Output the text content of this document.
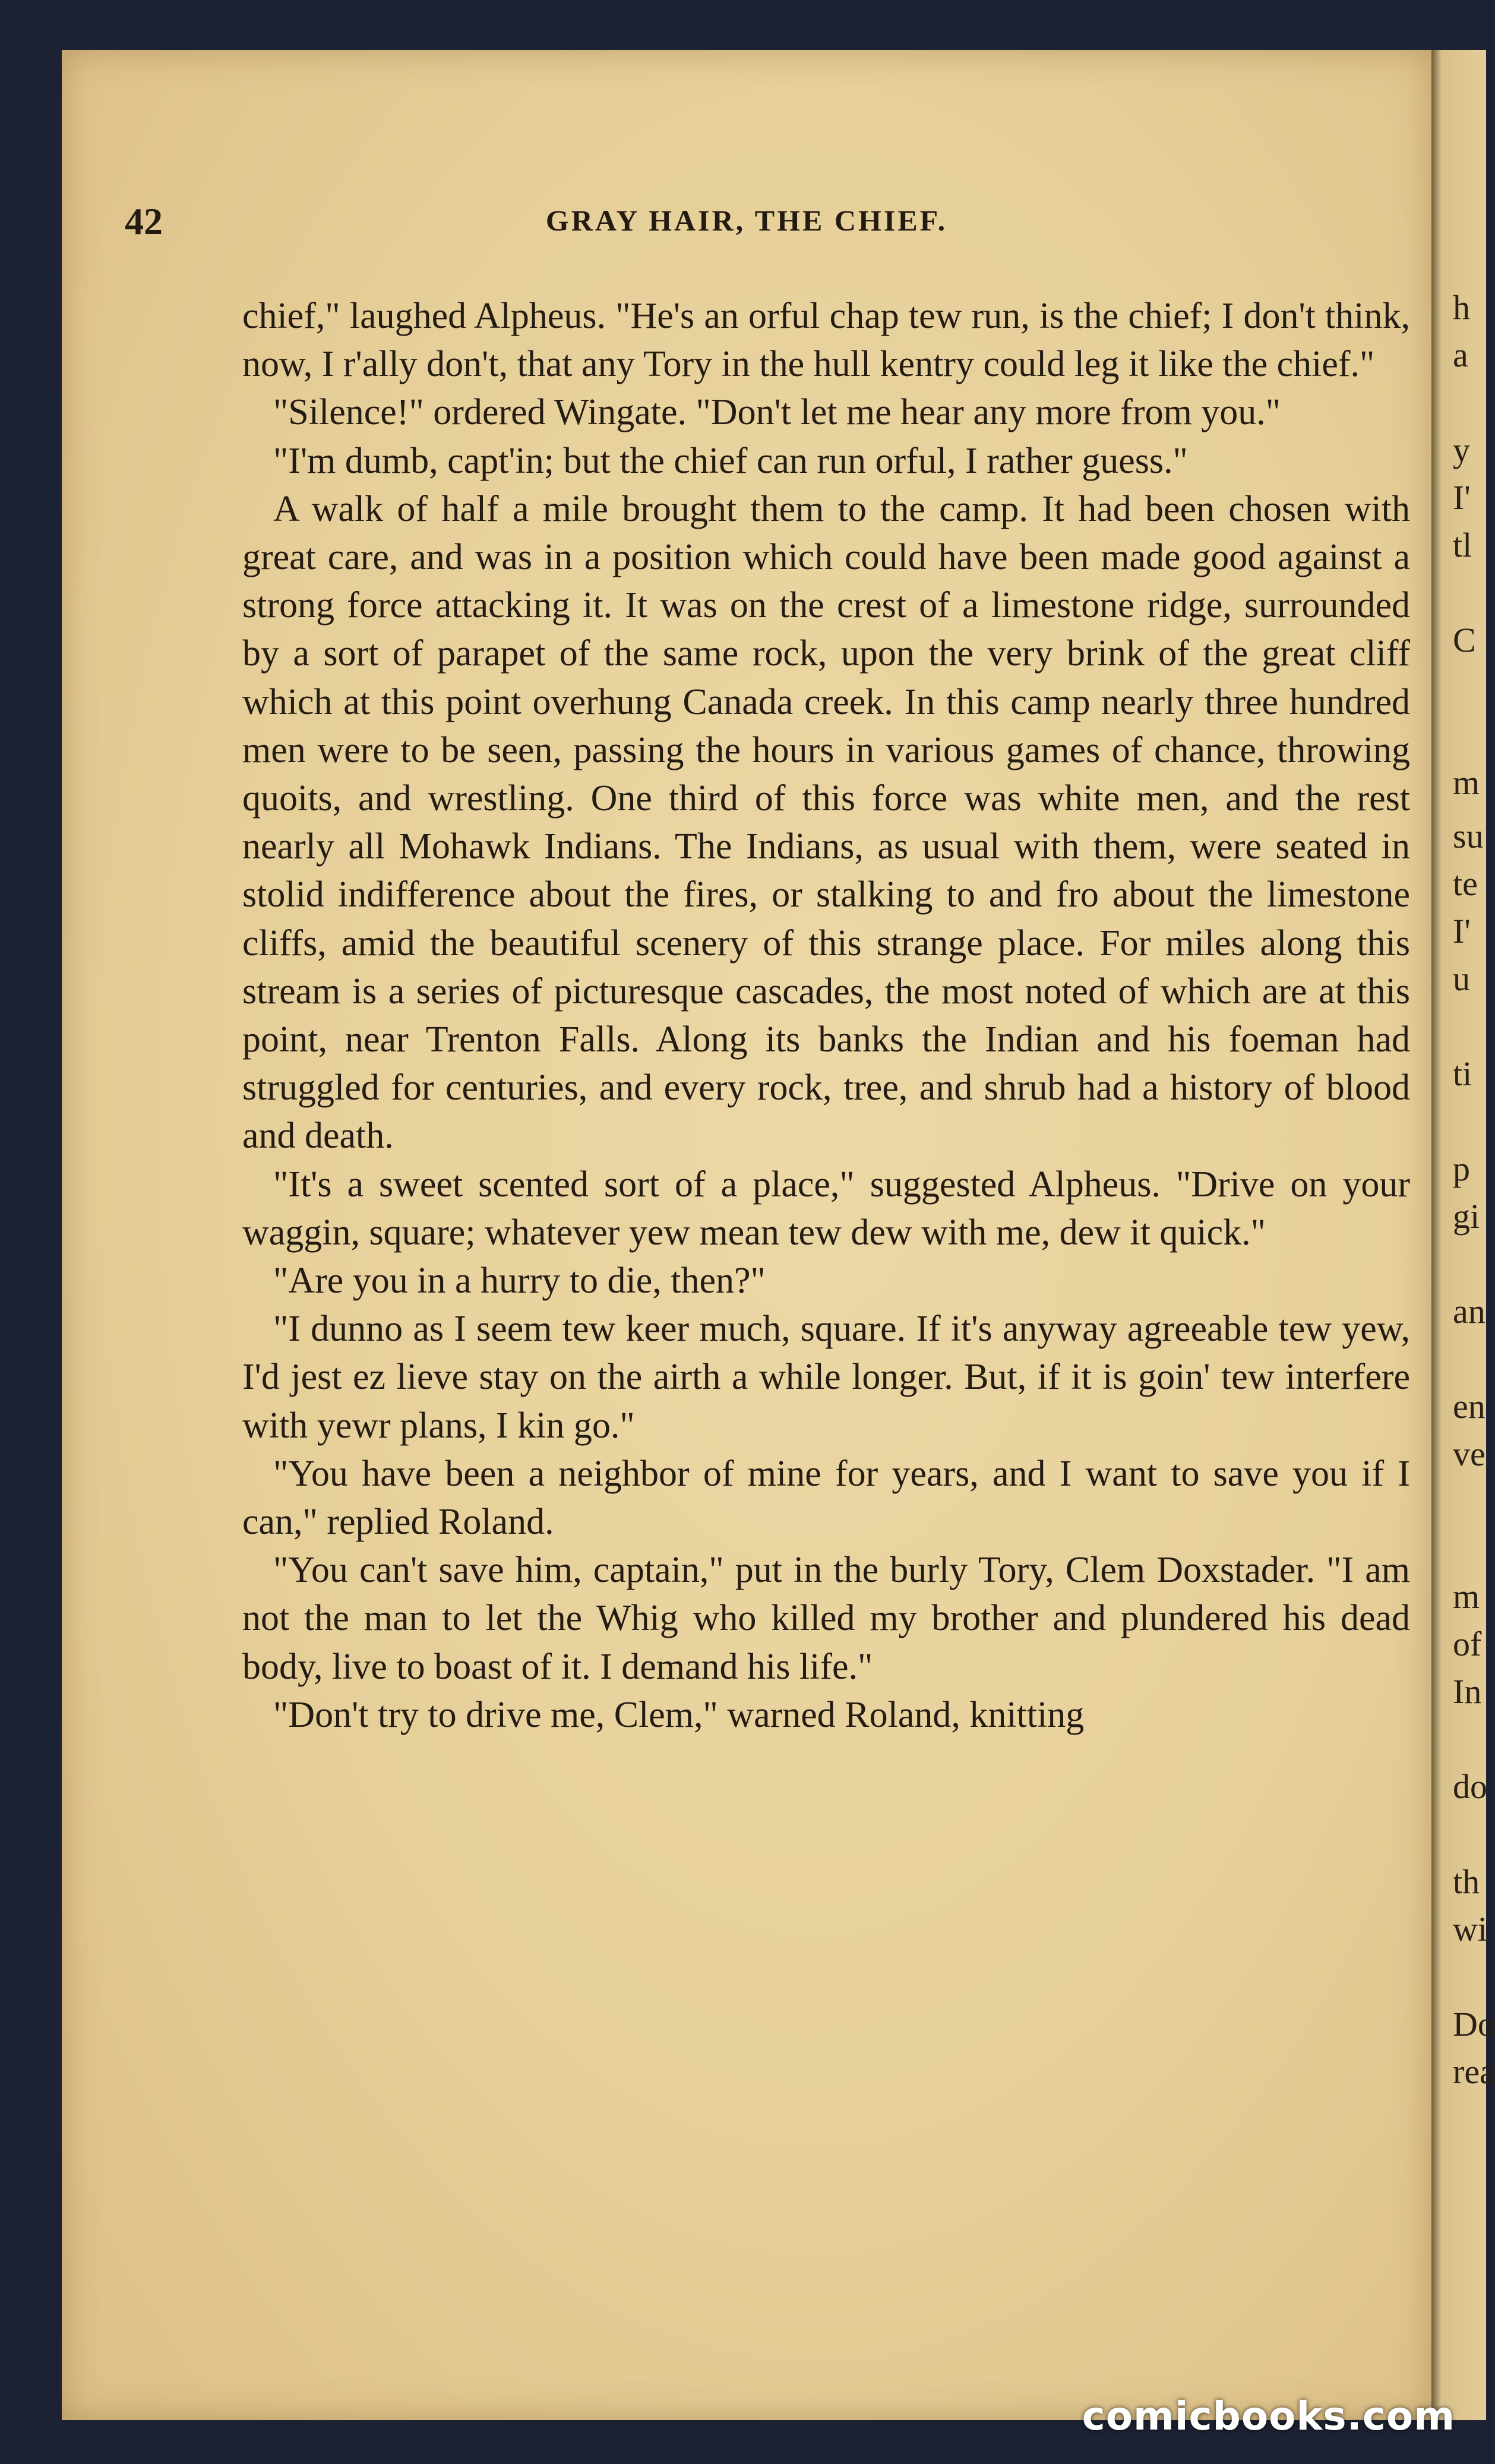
42	GRAY HAIR, THE CHIEF.

chief," laughed Alpheus. "He's an orful chap tew run, is the chief; I don't think, now, I r'ally don't, that any Tory in the hull kentry could leg it like the chief."

"Silence!" ordered Wingate. "Don't let me hear any more from you."

"I'm dumb, capt'in; but the chief can run orful, I rather guess."

A walk of half a mile brought them to the camp. It had been chosen with great care, and was in a position which could have been made good against a strong force attacking it. It was on the crest of a limestone ridge, surrounded by a sort of parapet of the same rock, upon the very brink of the great cliff which at this point overhung Canada creek. In this camp nearly three hundred men were to be seen, passing the hours in various games of chance, throwing quoits, and wrestling. One third of this force was white men, and the rest nearly all Mohawk Indians. The Indians, as usual with them, were seated in stolid indifference about the fires, or stalking to and fro about the limestone cliffs, amid the beautiful scenery of this strange place. For miles along this stream is a series of picturesque cascades, the most noted of which are at this point, near Trenton Falls. Along its banks the Indian and his foeman had struggled for centuries, and every rock, tree, and shrub had a history of blood and death.

"It's a sweet scented sort of a place," suggested Alpheus. "Drive on your waggin, square; whatever yew mean tew dew with me, dew it quick."

"Are you in a hurry to die, then?"

"I dunno as I seem tew keer much, square. If it's anyway agreeable tew yew, I'd jest ez lieve stay on the airth a while longer. But, if it is goin' tew interfere with yewr plans, I kin go."

"You have been a neighbor of mine for years, and I want to save you if I can," replied Roland.

"You can't save him, captain," put in the burly Tory, Clem Doxstader. "I am not the man to let the Whig who killed my brother and plundered his dead body, live to boast of it. I demand his life."

"Don't try to drive me, Clem," warned Roland, knitting

h
a
y
I'
tl
C
m
su
te
I'
u
ti
p
gi
an
en
ve
m
of
In
do
th
wi
Do
rea
comicbooks.com
